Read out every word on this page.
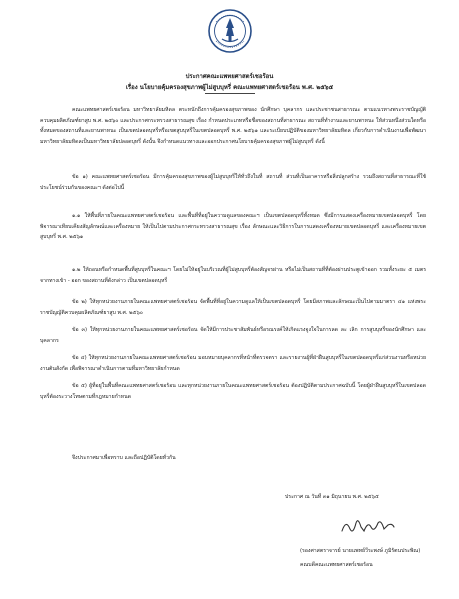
ประกาศคณะแพทยศาสตร์เชอร้อน
เรื่อง นโยบายคุ้มครองสุขภาพผู้ไม่สูบบุหรี่ คณะแพทยศาสตร์เชอร้อน พ.ศ. ๒๕๖๕
คณะแพทยศาสตร์เชอร้อน มหาวิทยาลัยมหิดล ตระหนักถึงการคุ้มครองสุขภาพของ นักศึกษา บุคลากร และประชาชนสาธารณะ ตามแนวทางพระราชบัญญัติควบคุมผลิตภัณฑ์ยาสูบ พ.ศ. ๒๕๖๐ และประกาศกระทรวงสาธารณสุข เรื่อง กำหนดประเภทหรือชื่อของสถานที่สาธารณะ สถานที่ทำงานและยานพาหนะ ให้ส่วนหนึ่งส่วนใดหรือทั้งหมดของสถานที่และยานพาหนะ เป็นเขตปลอดบุหรี่หรือเขตสูบบุหรี่ในเขตปลอดบุหรี่ พ.ศ. ๒๕๖๑ และระเบียบปฏิบัติของมหาวิทยาลัยมหิดล เกี่ยวกับการดำเนินงานเพื่อพัฒนามหาวิทยาลัยมหิดลเป็นมหาวิทยาลัยปลอดบุหรี่ ดังนั้น จึงกำหนดแนวทางและออกประกาศนโยบายคุ้มครองสุขภาพผู้ไม่สูบบุหรี่ ดังนี้
ข้อ ๑) คณะแพทยศาสตร์เชอร้อน มีการคุ้มครองสุขภาพของผู้ไม่สูบบุหรี่ให้ทั่วถึงในที่ สถานที่ ส่วนที่เป็นอาคารหรือสิ่งปลูกสร้าง รวมถึงสถานที่สาธารณะที่ใช้ประโยชน์ร่วมกันของคณะฯ ดังต่อไปนี้
๑.๑ ให้พื้นที่ภายในคณะแพทยศาสตร์เชอร้อน และพื้นที่ที่อยู่ในความดูแลของคณะฯ เป็นเขตปลอดบุหรี่ทั้งหมด ซึ่งมีการแสดงเครื่องหมายเขตปลอดบุหรี่ โดยพิจารณาเทียบเคียงสัญลักษณ์และเครื่องหมาย ให้เป็นไปตามประกาศกระทรวงสาธารณสุข เรื่อง ลักษณะและวิธีการในการแสดงเครื่องหมายเขตปลอดบุหรี่ และเครื่องหมายเขต สูบบุหรี่ พ.ศ. ๒๕๖๑
๑.๒ ให้ถอนหรือกำหนดพื้นที่สูบบุหรี่ในคณะฯ โดยไม่ให้อยู่ในบริเวณที่ผู้ไม่สูบบุหรี่ต้องสัญจรผ่าน หรือไม่เป็นสถานที่ที่ต้องผ่านประตูเข้าออก รวมทั้งระยะ ๕ เมตร จากทางเข้า - ออก ของสถานที่ดังกล่าว เป็นเขตปลอดบุหรี่
ข้อ ๒) ให้ทุกหน่วยงานภายในคณะแพทยศาสตร์เชอร้อน จัดพื้นที่ที่อยู่ในความดูแลให้เป็นเขตปลอดบุหรี่ โดยมีสภาพและลักษณะเป็นไปตามมาตรา ๔๑ แห่งพระราชบัญญัติควบคุมผลิตภัณฑ์ยาสูบ พ.ศ. ๒๕๖๐
ข้อ ๓) ให้ทุกหน่วยงานภายในคณะแพทยศาสตร์เชอร้อน จัดให้มีการประชาสัมพันธ์หรือรณรงค์ให้เกิดแรงจูงใจในการลด ละ เลิก การสูบบุหรี่ของนักศึกษา และบุคลากร
ข้อ ๔) ให้ทุกหน่วยงานภายในคณะแพทยศาสตร์เชอร้อน มอบหมายบุคลากรที่หน้าที่ตรวจตรา และรายงานผู้ที่ฝ่าฝืนสูบบุหรี่ในเขตปลอดบุหรี่แก่ส่วนงานหรือหน่วยงานต้นสังกัด เพื่อพิจารณาดำเนินการตามที่มหาวิทยาลัยกำหนด
ข้อ ๕) ผู้ที่อยู่ในพื้นที่คณะแพทยศาสตร์เชอร้อน และทุกหน่วยงานภายในคณะแพทยศาสตร์เชอร้อน ต้องปฏิบัติตามประกาศฉบับนี้ โดยผู้ฝ่าฝืนสูบบุหรี่ในเขตปลอดบุหรี่ต้องระวางโทษตามที่กฎหมายกำหนด
จึงประกาศมาเพื่อทราบ และถือปฏิบัติโดยทั่วกัน
ประกาศ ณ วันที่ ๓๑ มิถุนายน พ.ศ. ๒๕๖๕
(รองศาสตราจารย์ นายแพทย์วีระพงษ์ ภูมิรัตนประพิณ)
คณบดีคณะแพทยศาสตร์เชอร้อน
